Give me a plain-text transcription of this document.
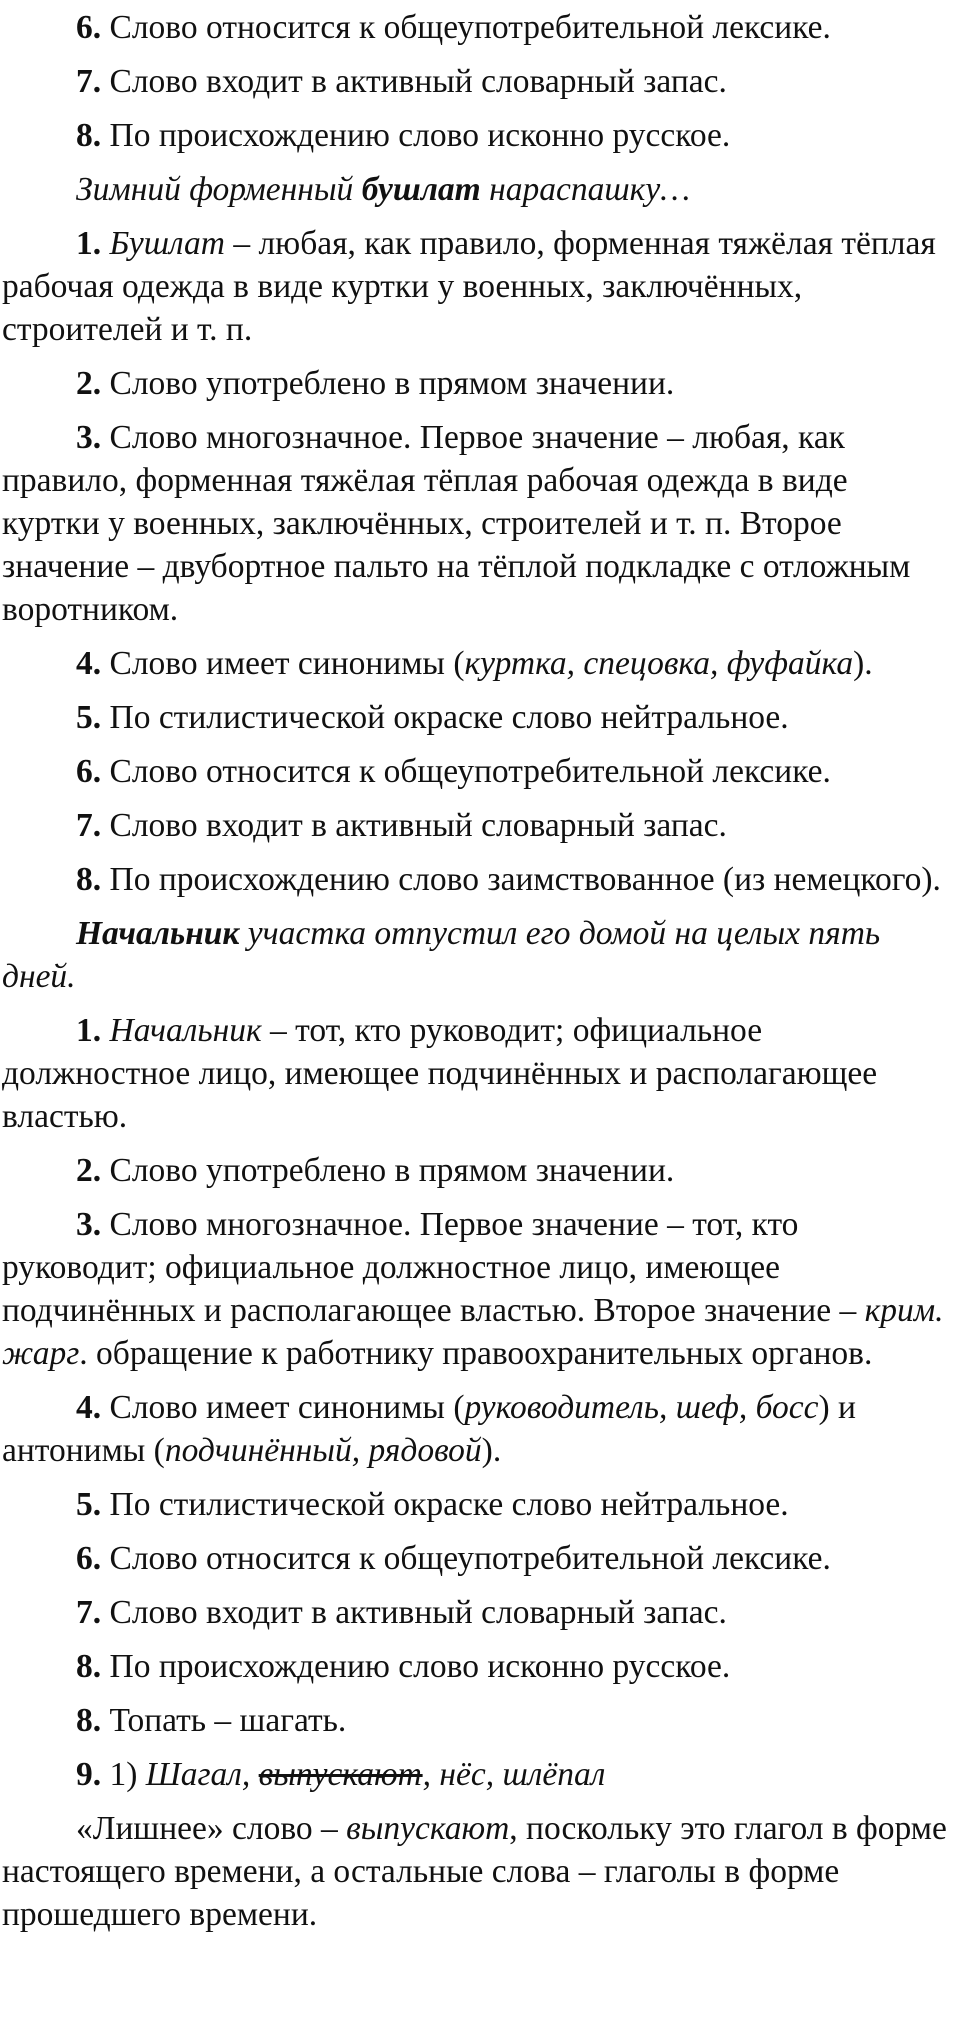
6. Слово относится к общеупотребительной лексике.

7. Слово входит в активный словарный запас.

8. По происхождению слово исконно русское.

Зимний форменный бушлат нараспашку…

1. Бушлат – любая, как правило, форменная тяжёлая тёплая рабочая одежда в виде куртки у военных, заключённых, строителей и т. п.

2. Слово употреблено в прямом значении.

3. Слово многозначное. Первое значение – любая, как правило, форменная тяжёлая тёплая рабочая одежда в виде куртки у военных, заключённых, строителей и т. п. Второе значение – двубортное пальто на тёплой подкладке с отложным воротником.

4. Слово имеет синонимы (куртка, спецовка, фуфайка).

5. По стилистической окраске слово нейтральное.

6. Слово относится к общеупотребительной лексике.

7. Слово входит в активный словарный запас.

8. По происхождению слово заимствованное (из немецкого).

Начальник участка отпустил его домой на целых пять дней.

1. Начальник – тот, кто руководит; официальное должностное лицо, имеющее подчинённых и располагающее властью.

2. Слово употреблено в прямом значении.

3. Слово многозначное. Первое значение – тот, кто руководит; официальное должностное лицо, имеющее подчинённых и располагающее властью. Второе значение – крим. жарг. обращение к работнику правоохранительных органов.

4. Слово имеет синонимы (руководитель, шеф, босс) и антонимы (подчинённый, рядовой).

5. По стилистической окраске слово нейтральное.

6. Слово относится к общеупотребительной лексике.

7. Слово входит в активный словарный запас.

8. По происхождению слово исконно русское.

8. Топать – шагать.

9. 1) Шагал, выпускают, нёс, шлёпал

«Лишнее» слово – выпускают, поскольку это глагол в форме настоящего времени, а остальные слова – глаголы в форме прошедшего времени.
